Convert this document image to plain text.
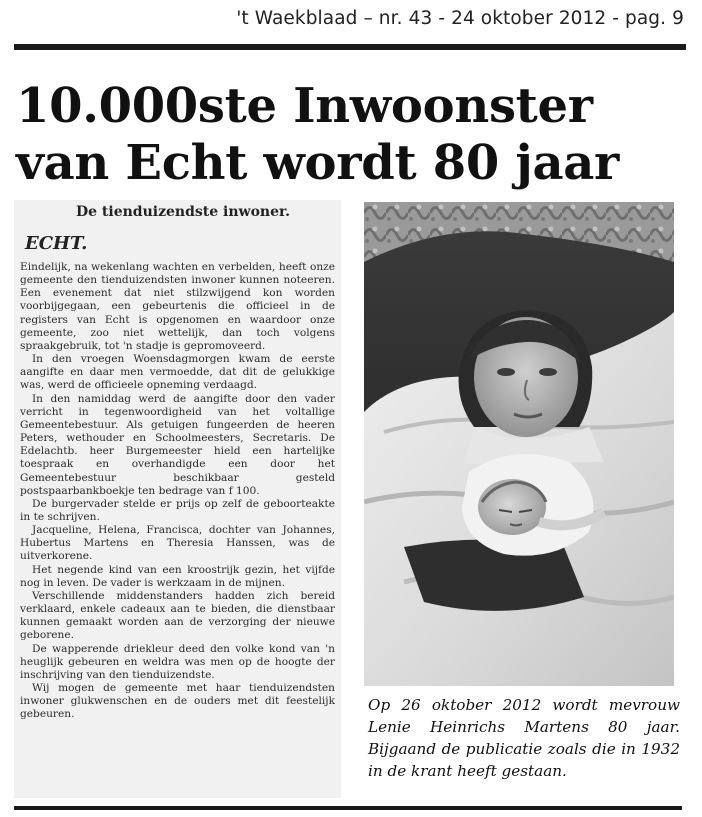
't Waekblaad – nr. 43 - 24 oktober 2012 - pag. 9
10.000ste Inwoonster
van Echt wordt 80 jaar
De tienduizendste inwoner.
ECHT.

Eindelijk, na wekenlang wachten en verbelden, heeft onze gemeente den tienduizendsten inwoner kunnen noteeren. Een evenement dat niet stilzwijgend kon worden voorbijgegaan, een gebeurtenis die officieel in de registers van Echt is opgenomen en waardoor onze gemeente, zoo niet wettelijk, dan toch volgens spraakgebruik, tot 'n stadje is gepromoveerd.

In den vroegen Woensdagmorgen kwam de eerste aangifte en daar men vermoedde, dat dit de gelukkige was, werd de officieele opneming verdaagd.

In den namiddag werd de aangifte door den vader verricht in tegenwoordigheid van het voltallige Gemeentebestuur. Als getuigen fungeerden de heeren Peters, wethouder en Schoolmeesters, Secretaris. De Edelachtb. heer Burgemeester hield een hartelijke toespraak en overhandigde een door het Gemeentebestuur beschikbaar gesteld postspaarbankboekje ten bedrage van f 100.

De burgervader stelde er prijs op zelf de geboorteakte in te schrijven.

Jacqueline, Helena, Francisca, dochter van Johannes, Hubertus Martens en Theresia Hanssen, was de uitverkorene.

Het negende kind van een kroostrijk gezin, het vijfde nog in leven. De vader is werkzaam in de mijnen.

Verschillende middenstanders hadden zich bereid verklaard, enkele cadeaux aan te bieden, die dienstbaar kunnen gemaakt worden aan de verzorging der nieuwe geborene.

De wapperende driekleur deed den volke kond van 'n heuglijk gebeuren en weldra was men op de hoogte der inschrijving van den tienduizendste.

Wij mogen de gemeente met haar tienduizendsten inwoner glukwenschen en de ouders met dit feestelijk gebeuren.

Op 26 oktober 2012 wordt mevrouw Lenie Heinrichs Martens 80 jaar. Bijgaand de publicatie zoals die in 1932 in de krant heeft gestaan.
